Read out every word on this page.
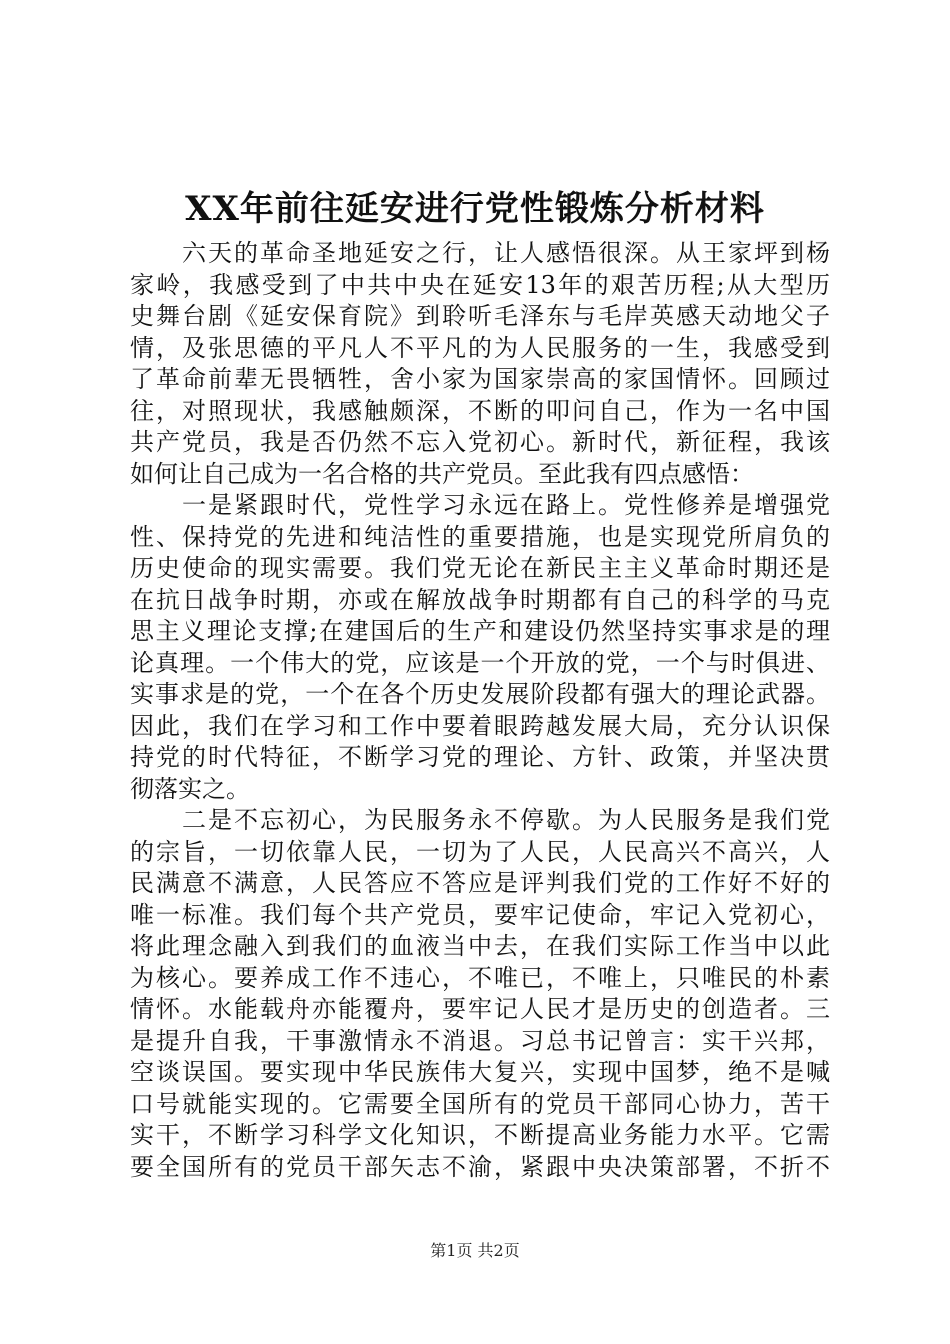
XX年前往延安进行党性锻炼分析材料
　　六天的革命圣地延安之行，让人感悟很深。从王家坪到杨
家岭，我感受到了中共中央在延安13年的艰苦历程;从大型历
史舞台剧《延安保育院》到聆听毛泽东与毛岸英感天动地父子
情，及张思德的平凡人不平凡的为人民服务的一生，我感受到
了革命前辈无畏牺牲，舍小家为国家崇高的家国情怀。回顾过
往，对照现状，我感触颇深，不断的叩问自己，作为一名中国
共产党员，我是否仍然不忘入党初心。新时代，新征程，我该
如何让自己成为一名合格的共产党员。至此我有四点感悟：
　　一是紧跟时代，党性学习永远在路上。党性修养是增强党
性、保持党的先进和纯洁性的重要措施，也是实现党所肩负的
历史使命的现实需要。我们党无论在新民主主义革命时期还是
在抗日战争时期，亦或在解放战争时期都有自己的科学的马克
思主义理论支撑;在建国后的生产和建设仍然坚持实事求是的理
论真理。一个伟大的党，应该是一个开放的党，一个与时俱进、
实事求是的党，一个在各个历史发展阶段都有强大的理论武器。
因此，我们在学习和工作中要着眼跨越发展大局，充分认识保
持党的时代特征，不断学习党的理论、方针、政策，并坚决贯
彻落实之。
　　二是不忘初心，为民服务永不停歇。为人民服务是我们党
的宗旨，一切依靠人民，一切为了人民，人民高兴不高兴，人
民满意不满意，人民答应不答应是评判我们党的工作好不好的
唯一标准。我们每个共产党员，要牢记使命，牢记入党初心，
将此理念融入到我们的血液当中去，在我们实际工作当中以此
为核心。要养成工作不违心，不唯已，不唯上，只唯民的朴素
情怀。水能载舟亦能覆舟，要牢记人民才是历史的创造者。三
是提升自我，干事激情永不消退。习总书记曾言：实干兴邦，
空谈误国。要实现中华民族伟大复兴，实现中国梦，绝不是喊
口号就能实现的。它需要全国所有的党员干部同心协力，苦干
实干，不断学习科学文化知识，不断提高业务能力水平。它需
要全国所有的党员干部矢志不渝，紧跟中央决策部署，不折不
第1页 共2页
